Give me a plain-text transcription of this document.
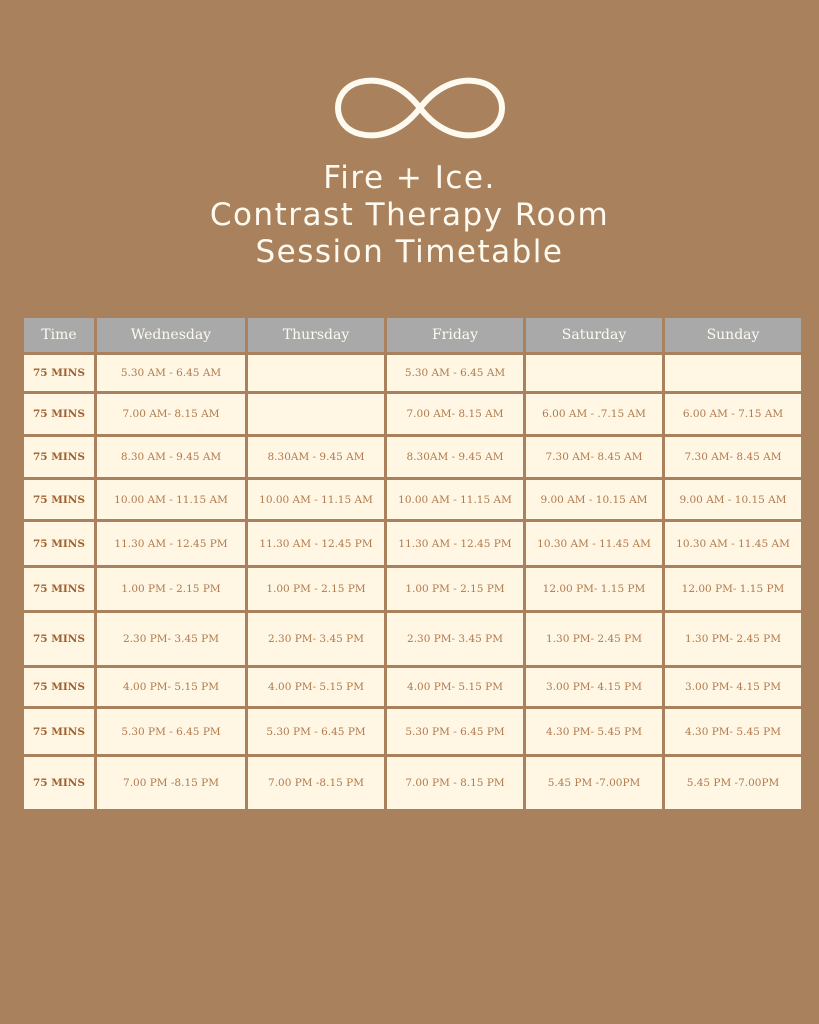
Fire + Ice.
Contrast Therapy Room
Session Timetable
Time	Wednesday	Thursday	Friday	Saturday	Sunday
75 MINS	5.30 AM - 6.45 AM		5.30 AM - 6.45 AM		
75 MINS	7.00 AM- 8.15 AM		7.00 AM- 8.15 AM	6.00 AM - .7.15 AM	6.00 AM - 7.15 AM
75 MINS	8.30 AM - 9.45 AM	8.30AM - 9.45 AM	8.30AM - 9.45 AM	7.30 AM- 8.45 AM	7.30 AM- 8.45 AM
75 MINS	10.00 AM - 11.15 AM	10.00 AM - 11.15 AM	10.00 AM - 11.15 AM	9.00 AM - 10.15 AM	9.00 AM - 10.15 AM
75 MINS	11.30 AM - 12.45 PM	11.30 AM - 12.45 PM	11.30 AM - 12.45 PM	10.30 AM - 11.45 AM	10.30 AM - 11.45 AM
75 MINS	1.00 PM - 2.15 PM	1.00 PM - 2.15 PM	1.00 PM - 2.15 PM	12.00 PM- 1.15 PM	12.00 PM- 1.15 PM
75 MINS	2.30 PM- 3.45 PM	2.30 PM- 3.45 PM	2.30 PM- 3.45 PM	1.30 PM- 2.45 PM	1.30 PM- 2.45 PM
75 MINS	4.00 PM- 5.15 PM	4.00 PM- 5.15 PM	4.00 PM- 5.15 PM	3.00 PM- 4.15 PM	3.00 PM- 4.15 PM
75 MINS	5.30 PM - 6.45 PM	5.30 PM - 6.45 PM	5.30 PM - 6.45 PM	4.30 PM- 5.45 PM	4.30 PM- 5.45 PM
75 MINS	7.00 PM -8.15 PM	7.00 PM -8.15 PM	7.00 PM - 8.15 PM	5.45 PM -7.00PM	5.45 PM -7.00PM
